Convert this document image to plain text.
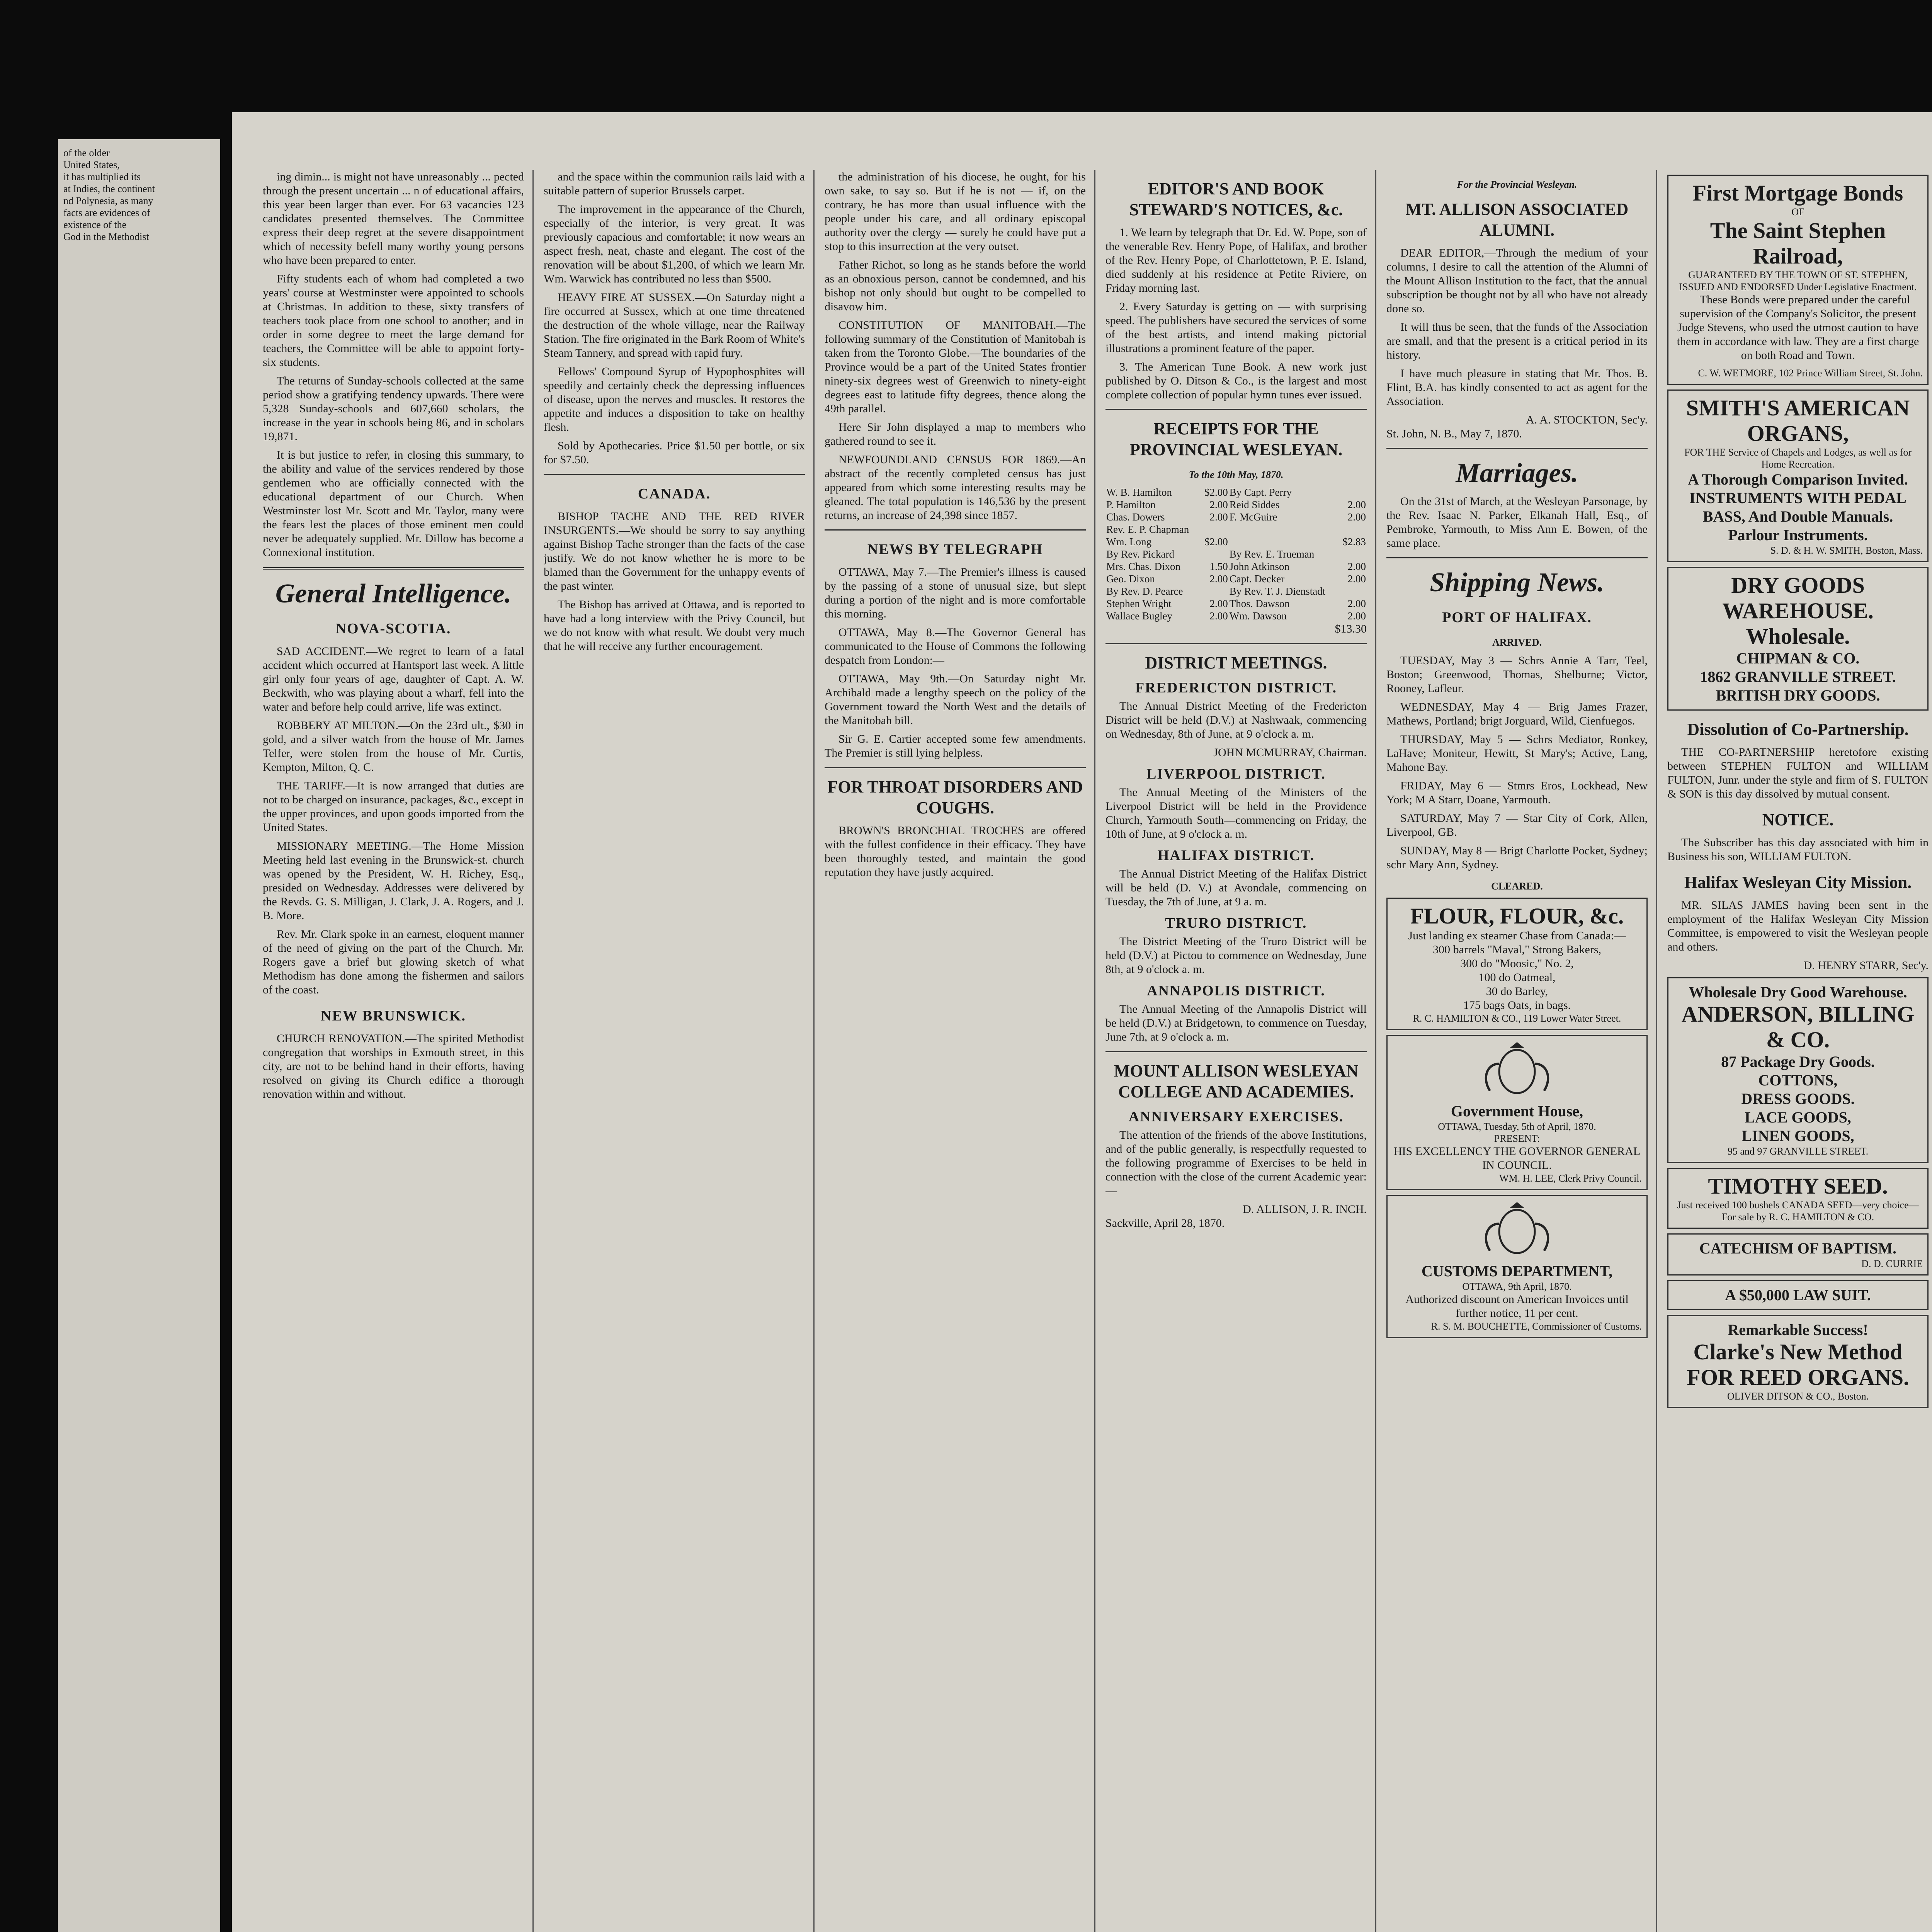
of the older
United States,
it has multiplied its
at Indies, the continent
nd Polynesia, as many
facts are evidences of
existence of the
God in the Methodist

ing dimin... is might not have unreasonably ... pected through the present uncertain ... n of educational affairs, this year been larger than ever. For 63 vacancies 123 candidates presented themselves. The Committee express their deep regret at the severe disappointment which of necessity befell many worthy young persons who have been prepared to enter.

Fifty students each of whom had completed a two years' course at Westminster were appointed to schools at Christmas. In addition to these, sixty transfers of teachers took place from one school to another; and in order in some degree to meet the large demand for teachers, the Committee will be able to appoint forty-six students.

The returns of Sunday-schools collected at the same period show a gratifying tendency upwards. There were 5,328 Sunday-schools and 607,660 scholars, the increase in the year in schools being 86, and in scholars 19,871.

It is but justice to refer, in closing this summary, to the ability and value of the services rendered by those gentlemen who are officially connected with the educational department of our Church. When Westminster lost Mr. Scott and Mr. Taylor, many were the fears lest the places of those eminent men could never be adequately supplied. Mr. Dillow has become a Connexional institution.

General Intelligence.
NOVA-SCOTIA.

SAD ACCIDENT.—We regret to learn of a fatal accident which occurred at Hantsport last week. A little girl only four years of age, daughter of Capt. A. W. Beckwith, who was playing about a wharf, fell into the water and before help could arrive, life was extinct.

ROBBERY AT MILTON.—On the 23rd ult., $30 in gold, and a silver watch from the house of Mr. James Telfer, were stolen from the house of Mr. Curtis, Kempton, Milton, Q. C.

THE TARIFF.—It is now arranged that duties are not to be charged on insurance, packages, &c., except in the upper provinces, and upon goods imported from the United States.

MISSIONARY MEETING.—The Home Mission Meeting held last evening in the Brunswick-st. church was opened by the President, W. H. Richey, Esq., presided on Wednesday. Addresses were delivered by the Revds. G. S. Milligan, J. Clark, J. A. Rogers, and J. B. More.

Rev. Mr. Clark spoke in an earnest, eloquent manner of the need of giving on the part of the Church. Mr. Rogers gave a brief but glowing sketch of what Methodism has done among the fishermen and sailors of the coast.

NEW BRUNSWICK.

CHURCH RENOVATION.—The spirited Methodist congregation that worships in Exmouth street, in this city, are not to be behind hand in their efforts, having resolved on giving its Church edifice a thorough renovation within and without.

and the space within the communion rails laid with a suitable pattern of superior Brussels carpet.

The improvement in the appearance of the Church, especially of the interior, is very great. It was previously capacious and comfortable; it now wears an aspect fresh, neat, chaste and elegant. The cost of the renovation will be about $1,200, of which we learn Mr. Wm. Warwick has contributed no less than $500.

HEAVY FIRE AT SUSSEX.—On Saturday night a fire occurred at Sussex, which at one time threatened the destruction of the whole village, near the Railway Station. The fire originated in the Bark Room of White's Steam Tannery, and spread with rapid fury.

Fellows' Compound Syrup of Hypophosphites will speedily and certainly check the depressing influences of disease, upon the nerves and muscles. It restores the appetite and induces a disposition to take on healthy flesh.

Sold by Apothecaries. Price $1.50 per bottle, or six for $7.50.

CANADA.

BISHOP TACHE AND THE RED RIVER INSURGENTS.—We should be sorry to say anything against Bishop Tache stronger than the facts of the case justify. We do not know whether he is more to be blamed than the Government for the unhappy events of the past winter.

The Bishop has arrived at Ottawa, and is reported to have had a long interview with the Privy Council, but we do not know with what result. We doubt very much that he will receive any further encouragement.

the administration of his diocese, he ought, for his own sake, to say so. But if he is not — if, on the contrary, he has more than usual influence with the people under his care, and all ordinary episcopal authority over the clergy — surely he could have put a stop to this insurrection at the very outset.

Father Richot, so long as he stands before the world as an obnoxious person, cannot be condemned, and his bishop not only should but ought to be compelled to disavow him.

CONSTITUTION OF MANITOBAH.—The following summary of the Constitution of Manitobah is taken from the Toronto Globe.—The boundaries of the Province would be a part of the United States frontier ninety-six degrees west of Greenwich to ninety-eight degrees east to latitude fifty degrees, thence along the 49th parallel.

Here Sir John displayed a map to members who gathered round to see it.

NEWFOUNDLAND CENSUS FOR 1869.—An abstract of the recently completed census has just appeared from which some interesting results may be gleaned. The total population is 146,536 by the present returns, an increase of 24,398 since 1857.

NEWS BY TELEGRAPH

OTTAWA, May 7.—The Premier's illness is caused by the passing of a stone of unusual size, but slept during a portion of the night and is more comfortable this morning.

OTTAWA, May 8.—The Governor General has communicated to the House of Commons the following despatch from London:—

OTTAWA, May 9th.—On Saturday night Mr. Archibald made a lengthy speech on the policy of the Government toward the North West and the details of the Manitobah bill.

Sir G. E. Cartier accepted some few amendments. The Premier is still lying helpless.

FOR THROAT DISORDERS AND COUGHS.

BROWN'S BRONCHIAL TROCHES are offered with the fullest confidence in their efficacy. They have been thoroughly tested, and maintain the good reputation they have justly acquired.

EDITOR'S AND BOOK STEWARD'S NOTICES, &c.

1. We learn by telegraph that Dr. Ed. W. Pope, son of the venerable Rev. Henry Pope, of Halifax, and brother of the Rev. Henry Pope, of Charlottetown, P. E. Island, died suddenly at his residence at Petite Riviere, on Friday morning last.

2. Every Saturday is getting on — with surprising speed. The publishers have secured the services of some of the best artists, and intend making pictorial illustrations a prominent feature of the paper.

3. The American Tune Book. A new work just published by O. Ditson & Co., is the largest and most complete collection of popular hymn tunes ever issued.

RECEIPTS FOR THE PROVINCIAL WESLEYAN.
To the 10th May, 1870.
W. B. Hamilton	$2.00	By Capt. Perry	
P. Hamilton	2.00	Reid Siddes	2.00
Chas. Dowers	2.00	F. McGuire	2.00
Rev. E. P. Chapman			
Wm. Long	$2.00		$2.83
By Rev. Pickard		By Rev. E. Trueman	
Mrs. Chas. Dixon	1.50	John Atkinson	2.00
Geo. Dixon	2.00	Capt. Decker	2.00
By Rev. D. Pearce		By Rev. T. J. Dienstadt	
Stephen Wright	2.00	Thos. Dawson	2.00
Wallace Bugley	2.00	Wm. Dawson	2.00
$13.30
DISTRICT MEETINGS.
FREDERICTON DISTRICT.

The Annual District Meeting of the Fredericton District will be held (D.V.) at Nashwaak, commencing on Wednesday, 8th of June, at 9 o'clock a. m.

JOHN MCMURRAY, Chairman.
LIVERPOOL DISTRICT.

The Annual Meeting of the Ministers of the Liverpool District will be held in the Providence Church, Yarmouth South—commencing on Friday, the 10th of June, at 9 o'clock a. m.

HALIFAX DISTRICT.

The Annual District Meeting of the Halifax District will be held (D. V.) at Avondale, commencing on Tuesday, the 7th of June, at 9 a. m.

TRURO DISTRICT.

The District Meeting of the Truro District will be held (D.V.) at Pictou to commence on Wednesday, June 8th, at 9 o'clock a. m.

ANNAPOLIS DISTRICT.

The Annual Meeting of the Annapolis District will be held (D.V.) at Bridgetown, to commence on Tuesday, June 7th, at 9 o'clock a. m.

MOUNT ALLISON WESLEYAN COLLEGE AND ACADEMIES.
ANNIVERSARY EXERCISES.

The attention of the friends of the above Institutions, and of the public generally, is respectfully requested to the following programme of Exercises to be held in connection with the close of the current Academic year:—

D. ALLISON, J. R. INCH.
Sackville, April 28, 1870.
For the Provincial Wesleyan.
MT. ALLISON ASSOCIATED ALUMNI.

DEAR EDITOR,—Through the medium of your columns, I desire to call the attention of the Alumni of the Mount Allison Institution to the fact, that the annual subscription be thought not by all who have not already done so.

It will thus be seen, that the funds of the Association are small, and that the present is a critical period in its history.

I have much pleasure in stating that Mr. Thos. B. Flint, B.A. has kindly consented to act as agent for the Association.

A. A. STOCKTON, Sec'y.
St. John, N. B., May 7, 1870.
Marriages.

On the 31st of March, at the Wesleyan Parsonage, by the Rev. Isaac N. Parker, Elkanah Hall, Esq., of Pembroke, Yarmouth, to Miss Ann E. Bowen, of the same place.

Shipping News.
PORT OF HALIFAX.
ARRIVED.

TUESDAY, May 3 — Schrs Annie A Tarr, Teel, Boston; Greenwood, Thomas, Shelburne; Victor, Rooney, Lafleur.

WEDNESDAY, May 4 — Brig James Frazer, Mathews, Portland; brigt Jorguard, Wild, Cienfuegos.

THURSDAY, May 5 — Schrs Mediator, Ronkey, LaHave; Moniteur, Hewitt, St Mary's; Active, Lang, Mahone Bay.

FRIDAY, May 6 — Stmrs Eros, Lockhead, New York; M A Starr, Doane, Yarmouth.

SATURDAY, May 7 — Star City of Cork, Allen, Liverpool, GB.

SUNDAY, May 8 — Brigt Charlotte Pocket, Sydney; schr Mary Ann, Sydney.

CLEARED.
FLOUR, FLOUR, &c.
Just landing ex steamer Chase from Canada:—
300 barrels "Maval," Strong Bakers,
300 do "Moosic," No. 2,
100 do Oatmeal,
30 do Barley,
175 bags Oats, in bags.
R. C. HAMILTON & CO., 119 Lower Water Street.
Government House,
OTTAWA, Tuesday, 5th of April, 1870.
PRESENT:
HIS EXCELLENCY THE GOVERNOR GENERAL IN COUNCIL.
WM. H. LEE, Clerk Privy Council.
CUSTOMS DEPARTMENT,
OTTAWA, 9th April, 1870.
Authorized discount on American Invoices until further notice, 11 per cent.
R. S. M. BOUCHETTE, Commissioner of Customs.
First Mortgage Bonds
OF
The Saint Stephen Railroad,
GUARANTEED BY THE TOWN OF ST. STEPHEN,
ISSUED AND ENDORSED Under Legislative Enactment.

These Bonds were prepared under the careful supervision of the Company's Solicitor, the present Judge Stevens, who used the utmost caution to have them in accordance with law. They are a first charge on both Road and Town.

C. W. WETMORE, 102 Prince William Street, St. John.
SMITH'S AMERICAN ORGANS,
FOR THE Service of Chapels and Lodges, as well as for Home Recreation.
A Thorough Comparison Invited.
INSTRUMENTS WITH PEDAL BASS, And Double Manuals.
Parlour Instruments.
S. D. & H. W. SMITH, Boston, Mass.
DRY GOODS WAREHOUSE.
Wholesale.
CHIPMAN & CO.
1862 GRANVILLE STREET.
BRITISH DRY GOODS.
Dissolution of Co-Partnership.

THE CO-PARTNERSHIP heretofore existing between STEPHEN FULTON and WILLIAM FULTON, Junr. under the style and firm of S. FULTON & SON is this day dissolved by mutual consent.

NOTICE.

The Subscriber has this day associated with him in Business his son, WILLIAM FULTON.

Halifax Wesleyan City Mission.

MR. SILAS JAMES having been sent in the employment of the Halifax Wesleyan City Mission Committee, is empowered to visit the Wesleyan people and others.

D. HENRY STARR, Sec'y.
Wholesale Dry Good Warehouse.
ANDERSON, BILLING & CO.
87 Package Dry Goods.
COTTONS,
DRESS GOODS.
LACE GOODS,
LINEN GOODS,
95 and 97 GRANVILLE STREET.
TIMOTHY SEED.
Just received 100 bushels CANADA SEED—very choice—For sale by R. C. HAMILTON & CO.
CATECHISM OF BAPTISM.
D. D. CURRIE
A $50,000 LAW SUIT.
Remarkable Success!
Clarke's New Method FOR REED ORGANS.
OLIVER DITSON & CO., Boston.
